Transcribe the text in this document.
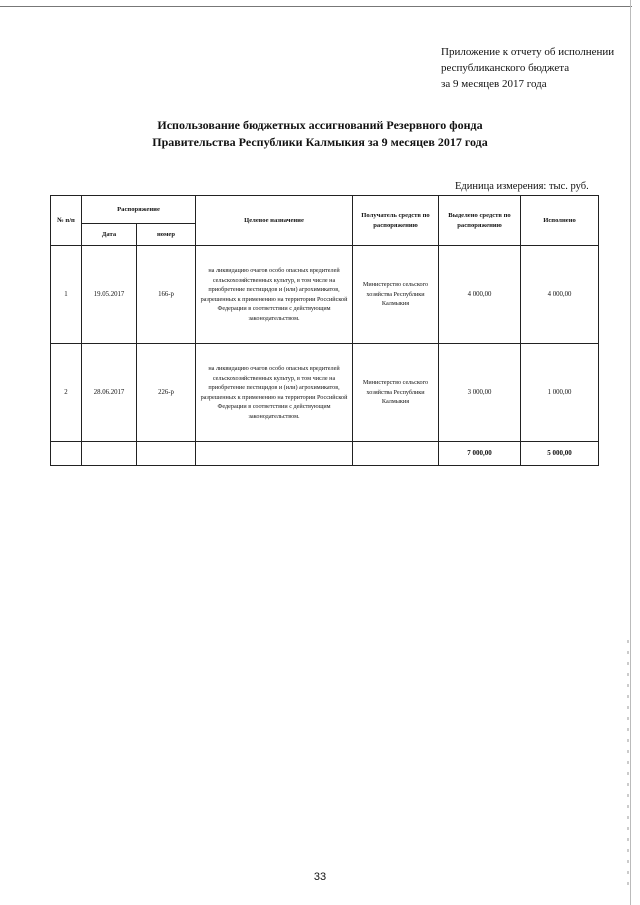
Приложение к отчету об исполнении
республиканского бюджета
за 9 месяцев 2017 года
Использование бюджетных ассигнований Резервного фонда
Правительства Республики Калмыкия за 9 месяцев 2017 года
Единица измерения: тыс. руб.
№ п/п	Распоряжение		Целевое назначение	Получатель средств по распоряжению	Выделено средств по распоряжению	Исполнено
	Дата	номер				
1	19.05.2017	166-р	на ликвидацию очагов особо опасных вредителей сельскохозяйственных культур, в том числе на приобретение пестицидов и (или) агрохимикатов, разрешенных к применению на территории Российской Федерации в соответствии с действующим законодательством.	Министерство сельского хозяйства Республики Калмыкия	4 000,00	4 000,00
2	28.06.2017	226-р	на ликвидацию очагов особо опасных вредителей сельскохозяйственных культур, в том числе на приобретение пестицидов и (или) агрохимикатов, разрешенных к применению на территории Российской Федерации в соответствии с действующим законодательством.	Министерство сельского хозяйства Республики Калмыкия	3 000,00	1 000,00
					7 000,00	5 000,00
33
